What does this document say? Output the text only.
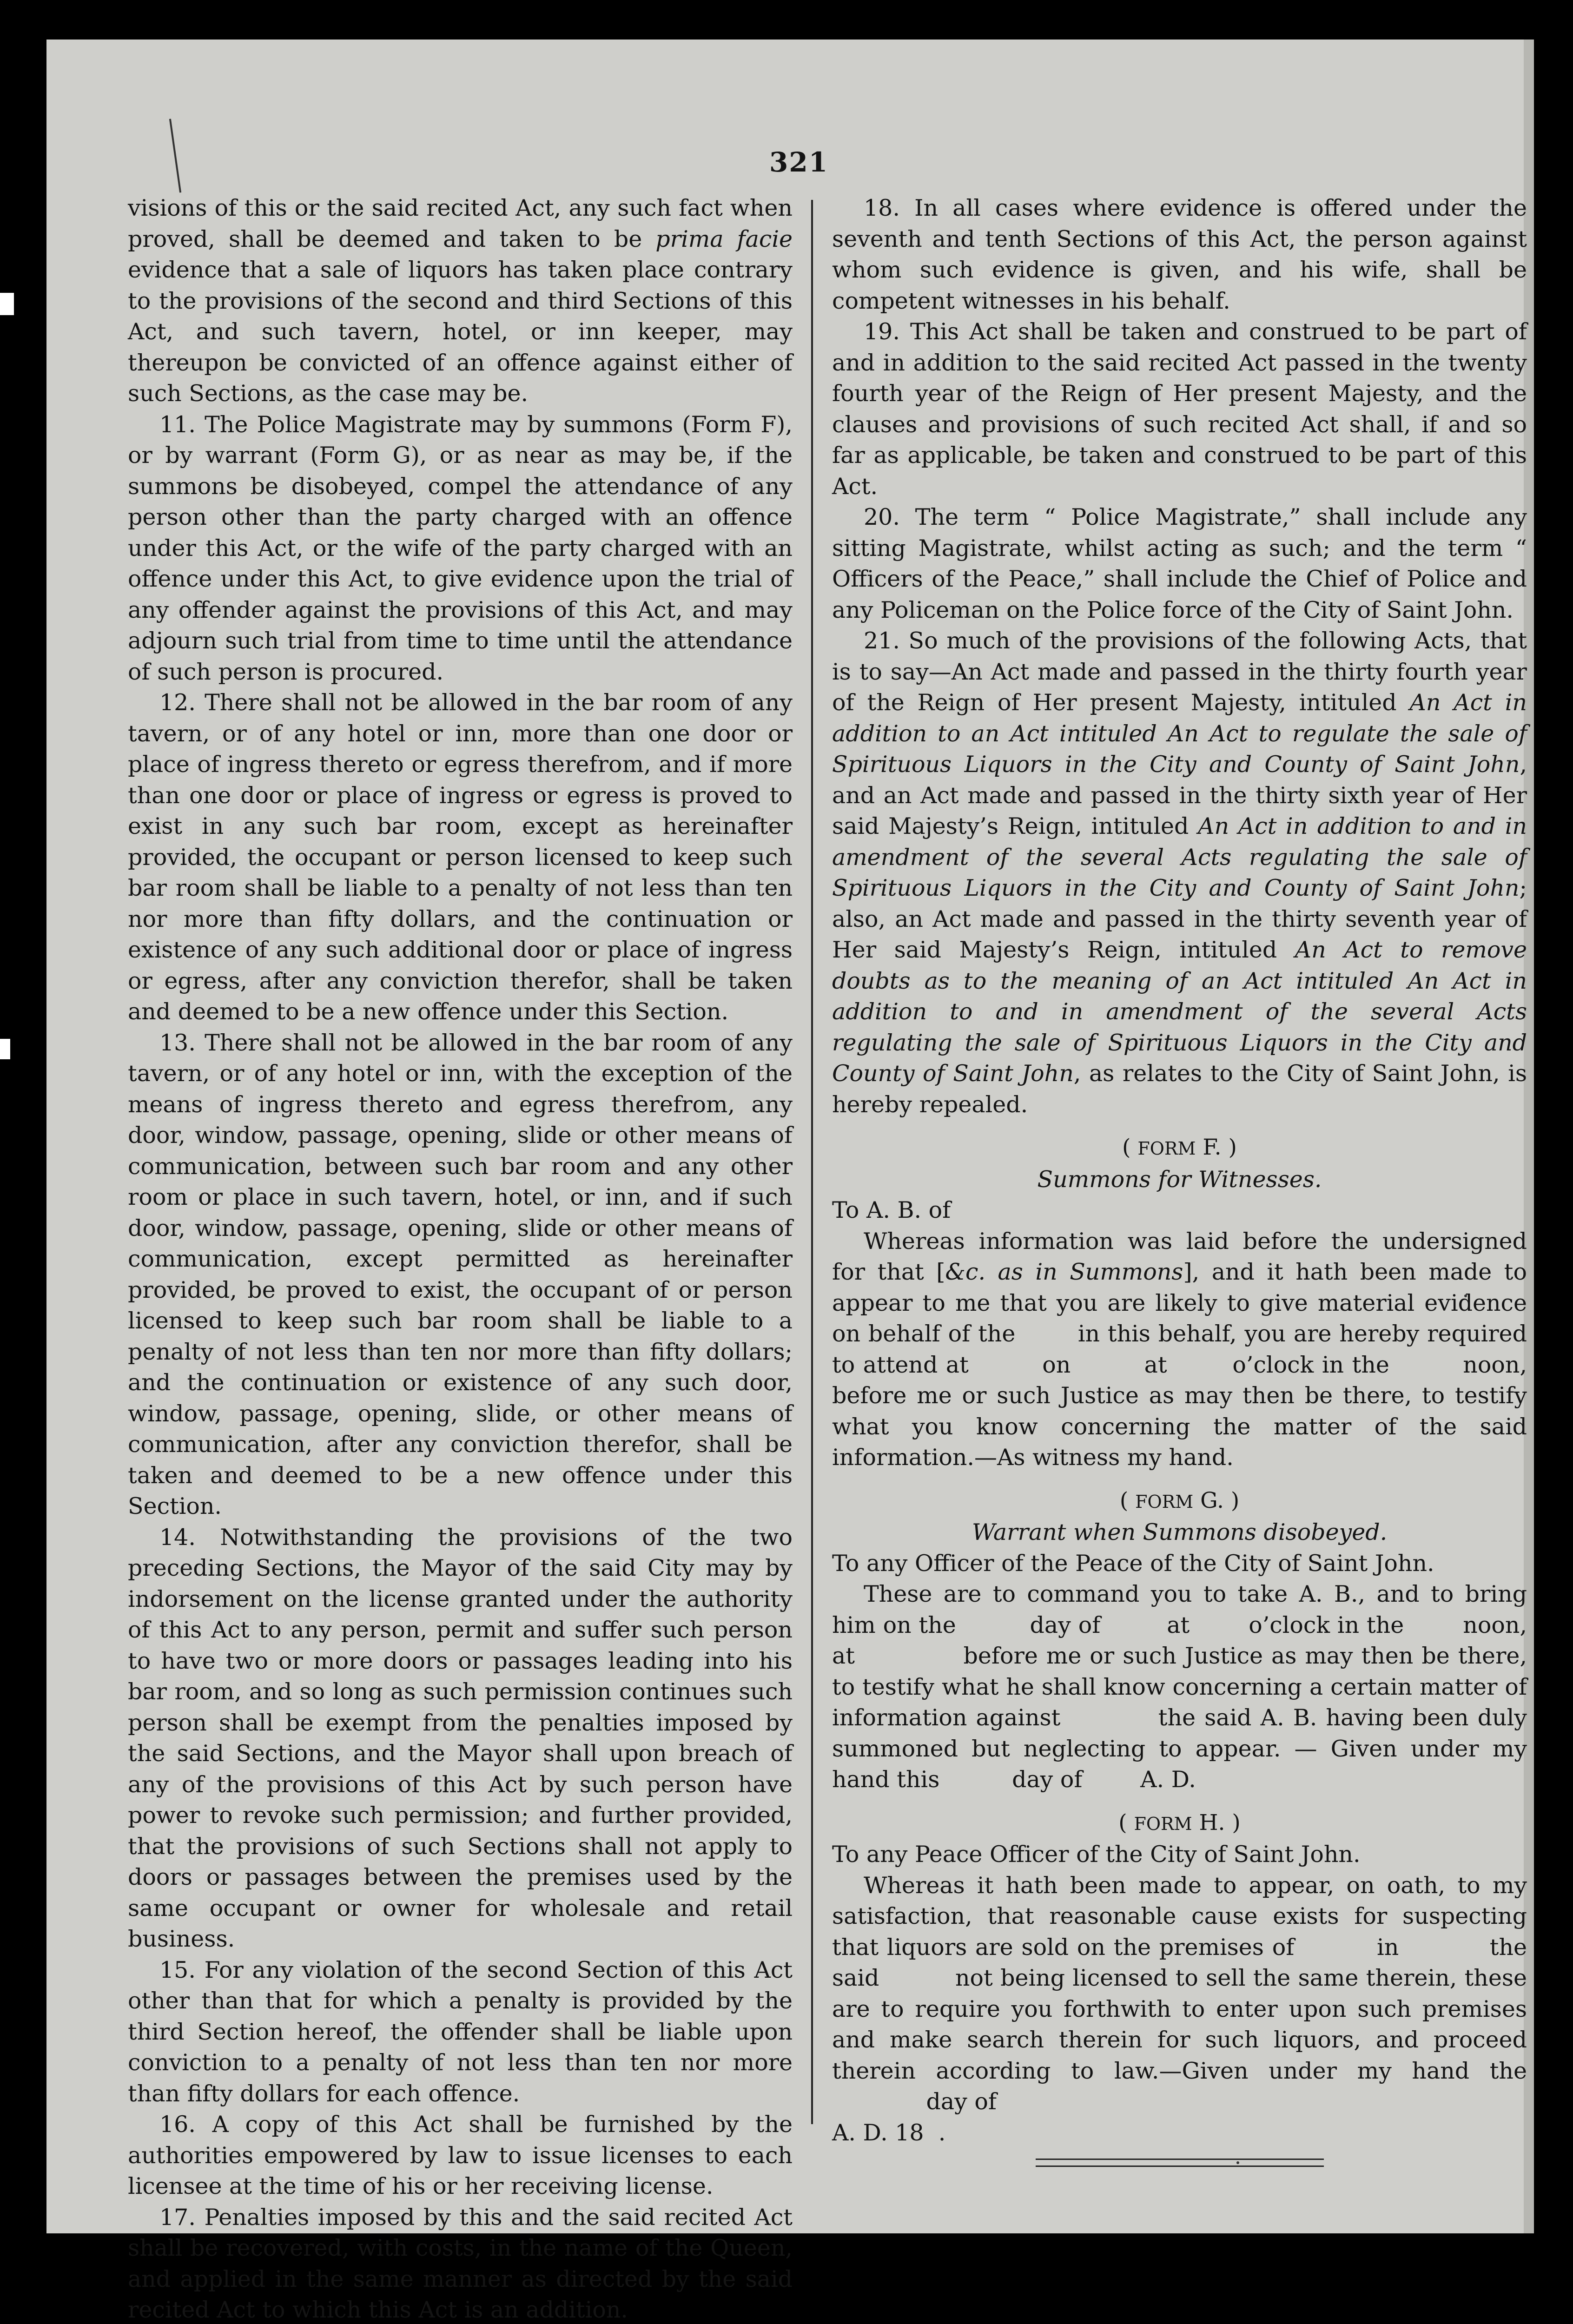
321

visions of this or the said recited Act, any such fact when proved, shall be deemed and taken to be prima facie evidence that a sale of liquors has taken place contrary to the provisions of the second and third Sections of this Act, and such tavern, hotel, or inn keeper, may thereupon be convicted of an offence against either of such Sections, as the case may be.

11. The Police Magistrate may by summons (Form F), or by warrant (Form G), or as near as may be, if the summons be disobeyed, compel the attendance of any person other than the party charged with an offence under this Act, or the wife of the party charged with an offence under this Act, to give evidence upon the trial of any offender against the provisions of this Act, and may adjourn such trial from time to time until the attendance of such person is procured.

12. There shall not be allowed in the bar room of any tavern, or of any hotel or inn, more than one door or place of ingress thereto or egress therefrom, and if more than one door or place of ingress or egress is proved to exist in any such bar room, except as hereinafter provided, the occupant or person licensed to keep such bar room shall be liable to a penalty of not less than ten nor more than fifty dollars, and the continuation or existence of any such additional door or place of ingress or egress, after any conviction therefor, shall be taken and deemed to be a new offence under this Section.

13. There shall not be allowed in the bar room of any tavern, or of any hotel or inn, with the exception of the means of ingress thereto and egress therefrom, any door, window, passage, opening, slide or other means of communication, between such bar room and any other room or place in such tavern, hotel, or inn, and if such door, window, passage, opening, slide or other means of communication, except permitted as hereinafter provided, be proved to exist, the occupant of or person licensed to keep such bar room shall be liable to a penalty of not less than ten nor more than fifty dollars; and the continuation or existence of any such door, window, passage, opening, slide, or other means of communication, after any conviction therefor, shall be taken and deemed to be a new offence under this Section.

14. Notwithstanding the provisions of the two preceding Sections, the Mayor of the said City may by indorsement on the license granted under the authority of this Act to any person, permit and suffer such person to have two or more doors or passages leading into his bar room, and so long as such permission continues such person shall be exempt from the penalties imposed by the said Sections, and the Mayor shall upon breach of any of the provisions of this Act by such person have power to revoke such permission; and further provided, that the provisions of such Sections shall not apply to doors or passages between the premises used by the same occupant or owner for wholesale and retail business.

15. For any violation of the second Section of this Act other than that for which a penalty is provided by the third Section hereof, the offender shall be liable upon conviction to a penalty of not less than ten nor more than fifty dollars for each offence.

16. A copy of this Act shall be furnished by the authorities empowered by law to issue licenses to each licensee at the time of his or her receiving license.

17. Penalties imposed by this and the said recited Act shall be recovered, with costs, in the name of the Queen, and applied in the same manner as directed by the said recited Act to which this Act is an addition.

18. In all cases where evidence is offered under the seventh and tenth Sections of this Act, the person against whom such evidence is given, and his wife, shall be competent witnesses in his behalf.

19. This Act shall be taken and construed to be part of and in addition to the said recited Act passed in the twenty fourth year of the Reign of Her present Majesty, and the clauses and provisions of such recited Act shall, if and so far as applicable, be taken and construed to be part of this Act.

20. The term “ Police Magistrate,” shall include any sitting Magistrate, whilst acting as such; and the term “ Officers of the Peace,” shall include the Chief of Police and any Policeman on the Police force of the City of Saint John.

21. So much of the provisions of the following Acts, that is to say—An Act made and passed in the thirty fourth year of the Reign of Her present Majesty, intituled An Act in addition to an Act intituled An Act to regulate the sale of Spirituous Liquors in the City and County of Saint John, and an Act made and passed in the thirty sixth year of Her said Majesty’s Reign, intituled An Act in addition to and in amendment of the several Acts regulating the sale of Spirituous Liquors in the City and County of Saint John; also, an Act made and passed in the thirty seventh year of Her said Majesty’s Reign, intituled An Act to remove doubts as to the meaning of an Act intituled An Act in addition to and in amendment of the several Acts regulating the sale of Spirituous Liquors in the City and County of Saint John, as relates to the City of Saint John, is hereby repealed.

( FORM F. )
Summons for Witnesses.

To A. B. of

Whereas information was laid before the undersigned for that [&c. as in Summons], and it hath been made to appear to me that you are likely to give material evidence on behalf of the        in this behalf, you are hereby required to attend at         on         at        o’clock in the         noon, before me or such Justice as may then be there, to testify what you know concerning the matter of the said information.—As witness my hand.

( FORM G. )
Warrant when Summons disobeyed.

To any Officer of the Peace of the City of Saint John.

These are to command you to take A. B., and to bring him on the          day of         at        o’clock in the        noon, at             before me or such Justice as may then be there, to testify what he shall know concerning a certain matter of information against           the said A. B. having been duly summoned but neglecting to appear. — Given under my hand this          day of        A. D.

( FORM H. )

To any Peace Officer of the City of Saint John.

Whereas it hath been made to appear, on oath, to my satisfaction, that reasonable cause exists for suspecting that liquors are sold on the premises of          in           the said          not being licensed to sell the same therein, these are to require you forthwith to enter upon such premises and make search therein for such liquors, and proceed therein according to law.—Given under my hand the              day of
A. D. 18  .
